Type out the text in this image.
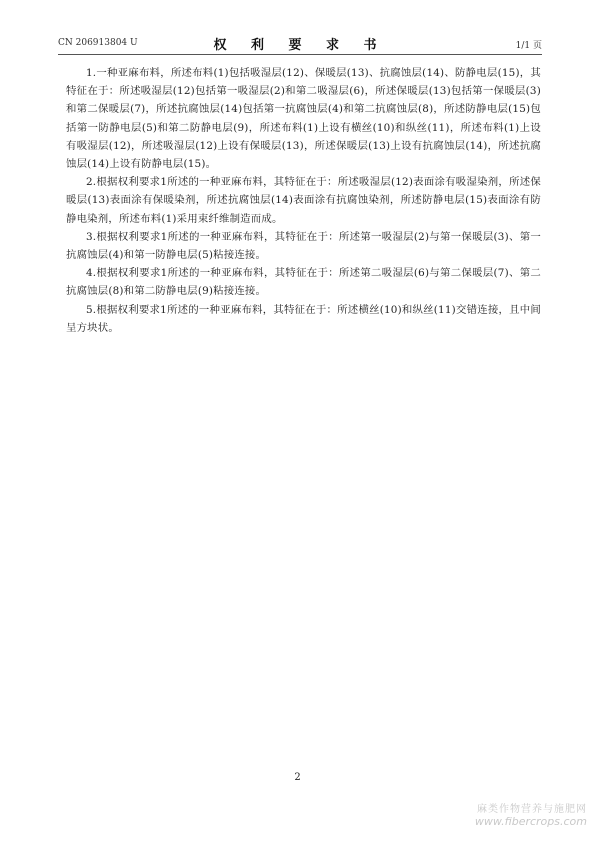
CN 206913804 U	权 利 要 求 书	1/1 页

1.一种亚麻布料，所述布料(1)包括吸湿层(12)、保暖层(13)、抗腐蚀层(14)、防静电层(15)，其特征在于：所述吸湿层(12)包括第一吸湿层(2)和第二吸湿层(6)，所述保暖层(13)包括第一保暖层(3)和第二保暖层(7)，所述抗腐蚀层(14)包括第一抗腐蚀层(4)和第二抗腐蚀层(8)，所述防静电层(15)包括第一防静电层(5)和第二防静电层(9)，所述布料(1)上设有横丝(10)和纵丝(11)，所述布料(1)上设有吸湿层(12)，所述吸湿层(12)上设有保暖层(13)，所述保暖层(13)上设有抗腐蚀层(14)，所述抗腐蚀层(14)上设有防静电层(15)。

2.根据权利要求1所述的一种亚麻布料，其特征在于：所述吸湿层(12)表面涂有吸湿染剂，所述保暖层(13)表面涂有保暖染剂，所述抗腐蚀层(14)表面涂有抗腐蚀染剂，所述防静电层(15)表面涂有防静电染剂，所述布料(1)采用束纤维制造而成。

3.根据权利要求1所述的一种亚麻布料，其特征在于：所述第一吸湿层(2)与第一保暖层(3)、第一抗腐蚀层(4)和第一防静电层(5)粘接连接。

4.根据权利要求1所述的一种亚麻布料，其特征在于：所述第二吸湿层(6)与第二保暖层(7)、第二抗腐蚀层(8)和第二防静电层(9)粘接连接。

5.根据权利要求1所述的一种亚麻布料，其特征在于：所述横丝(10)和纵丝(11)交错连接，且中间呈方块状。

2
麻类作物营养与施肥网
www.fibercrops.com
